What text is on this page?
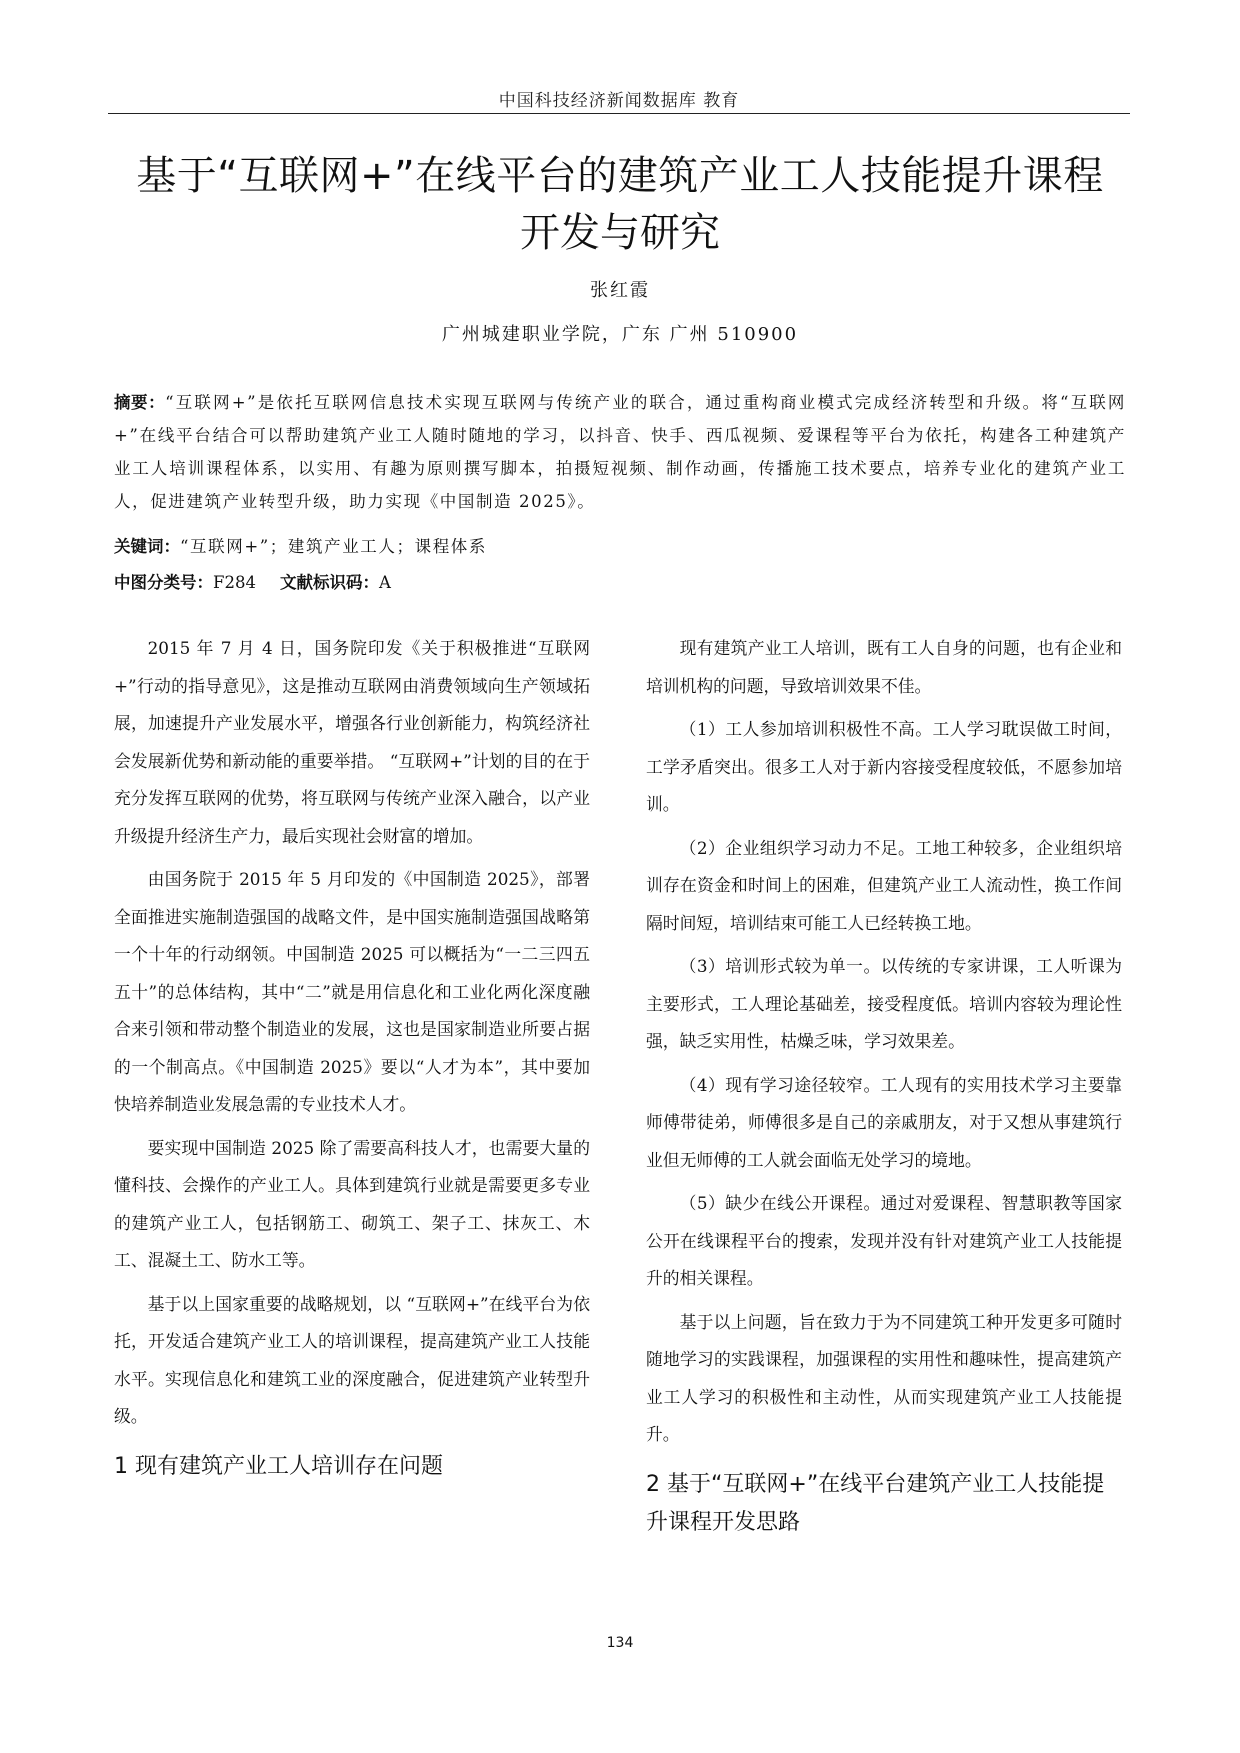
中国科技经济新闻数据库 教育
基于“互联网+”在线平台的建筑产业工人技能提升课程
开发与研究
张红霞
广州城建职业学院，广东 广州 510900
摘要：“互联网+”是依托互联网信息技术实现互联网与传统产业的联合，通过重构商业模式完成经济转型和升级。将“互联网+”在线平台结合可以帮助建筑产业工人随时随地的学习，以抖音、快手、西瓜视频、爱课程等平台为依托，构建各工种建筑产业工人培训课程体系，以实用、有趣为原则撰写脚本，拍摄短视频、制作动画，传播施工技术要点，培养专业化的建筑产业工人，促进建筑产业转型升级，助力实现《中国制造 2025》。
关键词：“互联网+”；建筑产业工人；课程体系
中图分类号：F284 文献标识码：A

2015 年 7 月 4 日，国务院印发《关于积极推进“互联网+”行动的指导意见》，这是推动互联网由消费领域向生产领域拓展，加速提升产业发展水平，增强各行业创新能力，构筑经济社会发展新优势和新动能的重要举措。 “互联网+”计划的目的在于充分发挥互联网的优势，将互联网与传统产业深入融合，以产业升级提升经济生产力，最后实现社会财富的增加。

由国务院于 2015 年 5 月印发的《中国制造 2025》，部署全面推进实施制造强国的战略文件，是中国实施制造强国战略第一个十年的行动纲领。中国制造 2025 可以概括为“一二三四五五十”的总体结构，其中“二”就是用信息化和工业化两化深度融合来引领和带动整个制造业的发展，这也是国家制造业所要占据的一个制高点。《中国制造 2025》要以“人才为本”，其中要加快培养制造业发展急需的专业技术人才。

要实现中国制造 2025 除了需要高科技人才，也需要大量的懂科技、会操作的产业工人。具体到建筑行业就是需要更多专业的建筑产业工人，包括钢筋工、砌筑工、架子工、抹灰工、木工、混凝土工、防水工等。

基于以上国家重要的战略规划，以 “互联网+”在线平台为依托，开发适合建筑产业工人的培训课程，提高建筑产业工人技能水平。实现信息化和建筑工业的深度融合，促进建筑产业转型升级。

1 现有建筑产业工人培训存在问题

现有建筑产业工人培训，既有工人自身的问题，也有企业和培训机构的问题，导致培训效果不佳。

（1）工人参加培训积极性不高。工人学习耽误做工时间，工学矛盾突出。很多工人对于新内容接受程度较低，不愿参加培训。

（2）企业组织学习动力不足。工地工种较多，企业组织培训存在资金和时间上的困难，但建筑产业工人流动性，换工作间隔时间短，培训结束可能工人已经转换工地。

（3）培训形式较为单一。以传统的专家讲课，工人听课为主要形式，工人理论基础差，接受程度低。培训内容较为理论性强，缺乏实用性，枯燥乏味，学习效果差。

（4）现有学习途径较窄。工人现有的实用技术学习主要靠师傅带徒弟，师傅很多是自己的亲戚朋友，对于又想从事建筑行业但无师傅的工人就会面临无处学习的境地。

（5）缺少在线公开课程。通过对爱课程、智慧职教等国家公开在线课程平台的搜索，发现并没有针对建筑产业工人技能提升的相关课程。

基于以上问题，旨在致力于为不同建筑工种开发更多可随时随地学习的实践课程，加强课程的实用性和趣味性，提高建筑产业工人学习的积极性和主动性，从而实现建筑产业工人技能提升。

2 基于“互联网+”在线平台建筑产业工人技能提升课程开发思路
134
